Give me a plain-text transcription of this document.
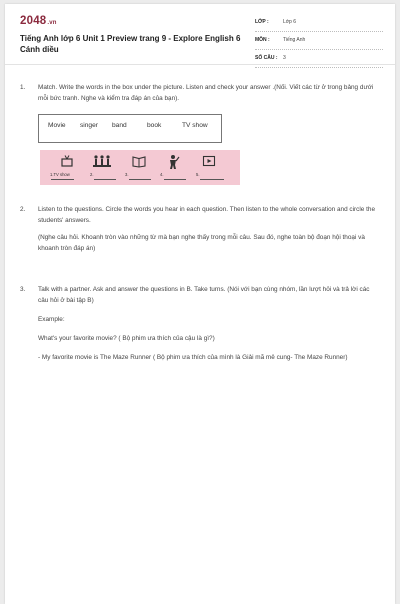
2048.vn
Tiếng Anh lớp 6 Unit 1 Preview trang 9 - Explore English 6 Cánh diều
LỚP :	Lớp 6
MÔN :	Tiếng Anh
SỐ CÂU : 3
1. Match. Write the words in the box under the picture. Listen and check your answer .(Nối. Viết các từ ở trong bảng dưới mỗi bức tranh. Nghe và kiểm tra đáp án của bạn).

Movie singer band	book	TV show
1.TV show	2.	3.	4.	5.
2. Listen to the questions. Circle the words you hear in each question. Then listen to the whole conversation and circle the students' answers.

(Nghe câu hỏi. Khoanh tròn vào những từ mà bạn nghe thấy trong mỗi câu. Sau đó, nghe toàn bộ đoạn hội thoại và khoanh tròn đáp án)

3. Talk with a partner. Ask and answer the questions in B. Take turns. (Nói với bạn cùng nhóm, lần lượt hỏi và trả lời các câu hỏi ở bài tập B)

Example:

What's your favorite movie? ( Bộ phim ưa thích của cậu là gì?)

- My favorite movie is The Maze Runner ( Bộ phim ưa thích của mình là Giải mã mê cung- The Maze Runner)
